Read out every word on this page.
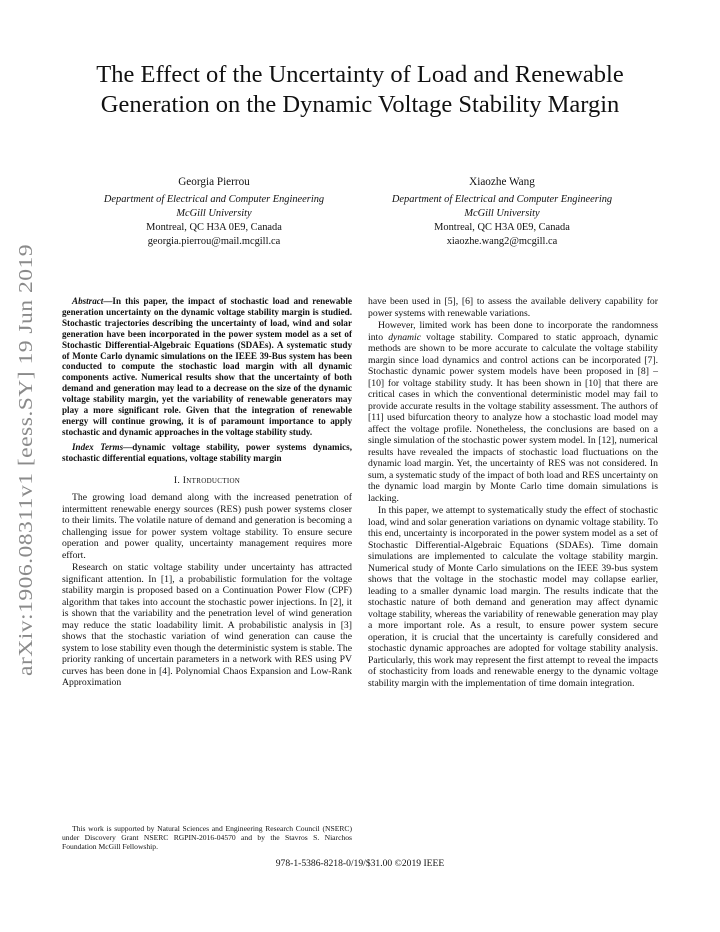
arXiv:1906.08311v1 [eess.SY] 19 Jun 2019
The Effect of the Uncertainty of Load and Renewable Generation on the Dynamic Voltage Stability Margin
Georgia Pierrou
Department of Electrical and Computer Engineering
McGill University
Montreal, QC H3A 0E9, Canada
georgia.pierrou@mail.mcgill.ca
Xiaozhe Wang
Department of Electrical and Computer Engineering
McGill University
Montreal, QC H3A 0E9, Canada
xiaozhe.wang2@mcgill.ca

Abstract—In this paper, the impact of stochastic load and renewable generation uncertainty on the dynamic voltage stability margin is studied. Stochastic trajectories describing the uncertainty of load, wind and solar generation have been incorporated in the power system model as a set of Stochastic Differential-Algebraic Equations (SDAEs). A systematic study of Monte Carlo dynamic simulations on the IEEE 39-Bus system has been conducted to compute the stochastic load margin with all dynamic components active. Numerical results show that the uncertainty of both demand and generation may lead to a decrease on the size of the dynamic voltage stability margin, yet the variability of renewable generators may play a more significant role. Given that the integration of renewable energy will continue growing, it is of paramount importance to apply stochastic and dynamic approaches in the voltage stability study.

Index Terms—dynamic voltage stability, power systems dynamics, stochastic differential equations, voltage stability margin

I. Introduction

The growing load demand along with the increased penetration of intermittent renewable energy sources (RES) push power systems closer to their limits. The volatile nature of demand and generation is becoming a challenging issue for power system voltage stability. To ensure secure operation and power quality, uncertainty management requires more effort.

Research on static voltage stability under uncertainty has attracted significant attention. In [1], a probabilistic formulation for the voltage stability margin is proposed based on a Continuation Power Flow (CPF) algorithm that takes into account the stochastic power injections. In [2], it is shown that the variability and the penetration level of wind generation may reduce the static loadability limit. A probabilistic analysis in [3] shows that the stochastic variation of wind generation can cause the system to lose stability even though the deterministic system is stable. The priority ranking of uncertain parameters in a network with RES using PV curves has been done in [4]. Polynomial Chaos Expansion and Low-Rank Approximation

This work is supported by Natural Sciences and Engineering Research Council (NSERC) under Discovery Grant NSERC RGPIN-2016-04570 and by the Stavros S. Niarchos Foundation McGill Fellowship.

have been used in [5], [6] to assess the available delivery capability for power systems with renewable variations.

However, limited work has been done to incorporate the randomness into dynamic voltage stability. Compared to static approach, dynamic methods are shown to be more accurate to calculate the voltage stability margin since load dynamics and control actions can be incorporated [7]. Stochastic dynamic power system models have been proposed in [8] – [10] for voltage stability study. It has been shown in [10] that there are critical cases in which the conventional deterministic model may fail to provide accurate results in the voltage stability assessment. The authors of [11] used bifurcation theory to analyze how a stochastic load model may affect the voltage profile. Nonetheless, the conclusions are based on a single simulation of the stochastic power system model. In [12], numerical results have revealed the impacts of stochastic load fluctuations on the dynamic load margin. Yet, the uncertainty of RES was not considered. In sum, a systematic study of the impact of both load and RES uncertainty on the dynamic load margin by Monte Carlo time domain simulations is lacking.

In this paper, we attempt to systematically study the effect of stochastic load, wind and solar generation variations on dynamic voltage stability. To this end, uncertainty is incorporated in the power system model as a set of Stochastic Differential-Algebraic Equations (SDAEs). Time domain simulations are implemented to calculate the voltage stability margin. Numerical study of Monte Carlo simulations on the IEEE 39-bus system shows that the voltage in the stochastic model may collapse earlier, leading to a smaller dynamic load margin. The results indicate that the stochastic nature of both demand and generation may affect dynamic voltage stability, whereas the variability of renewable generation may play a more important role. As a result, to ensure power system secure operation, it is crucial that the uncertainty is carefully considered and stochastic dynamic approaches are adopted for voltage stability analysis. Particularly, this work may represent the first attempt to reveal the impacts of stochasticity from loads and renewable energy to the dynamic voltage stability margin with the implementation of time domain integration.

978-1-5386-8218-0/19/$31.00 ©2019 IEEE
